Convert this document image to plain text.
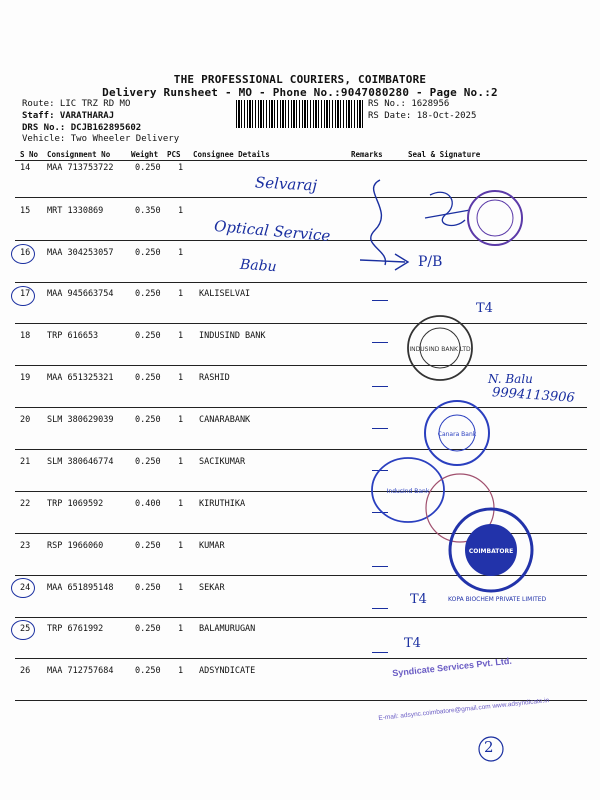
THE PROFESSIONAL COURIERS, COIMBATORE
Delivery Runsheet - MO - Phone No.:9047080280 - Page No.:2
Route: LIC TRZ RD MO
Staff: VARATHARAJ
DRS No.: DCJB162895602
Vehicle: Two Wheeler Delivery
RS No.: 1628956
RS Date: 18-Oct-2025
S No Consignment No	Weight PCS Consignee Details	Remarks	Seal & Signature
14 MAA 713753722	0.250 1
15 MRT 1330869	0.350 1
16 MAA 304253057	0.250 1
17 MAA 945663754	0.250 1 KALISELVAI
18 TRP 616653	0.250 1 INDUSIND BANK
19 MAA 651325321	0.250 1 RASHID
20 SLM 380629039	0.250 1 CANARABANK
21 SLM 380646774	0.250 1 SACIKUMAR
22 TRP 1069592	0.400 1 KIRUTHIKA
23 RSP 1966060	0.250 1 KUMAR
24 MAA 651895148	0.250 1 SEKAR
25 TRP 6761992	0.250 1 BALAMURUGAN
26 MAA 712757684	0.250 1 ADSYNDICATE
Selvaraj
Optical Service
Babu	P/B
T4
T4
T4
N. Balu
9994113906
2
INDUSIND BANK LTD
Canara Bank
IndusInd Bank
COIMBATORE
KOPA BIOCHEM PRIVATE LIMITED
Syndicate Services Pvt. Ltd.
E-mail: adsync.coimbatore@gmail.com www.adsyndicate.in
